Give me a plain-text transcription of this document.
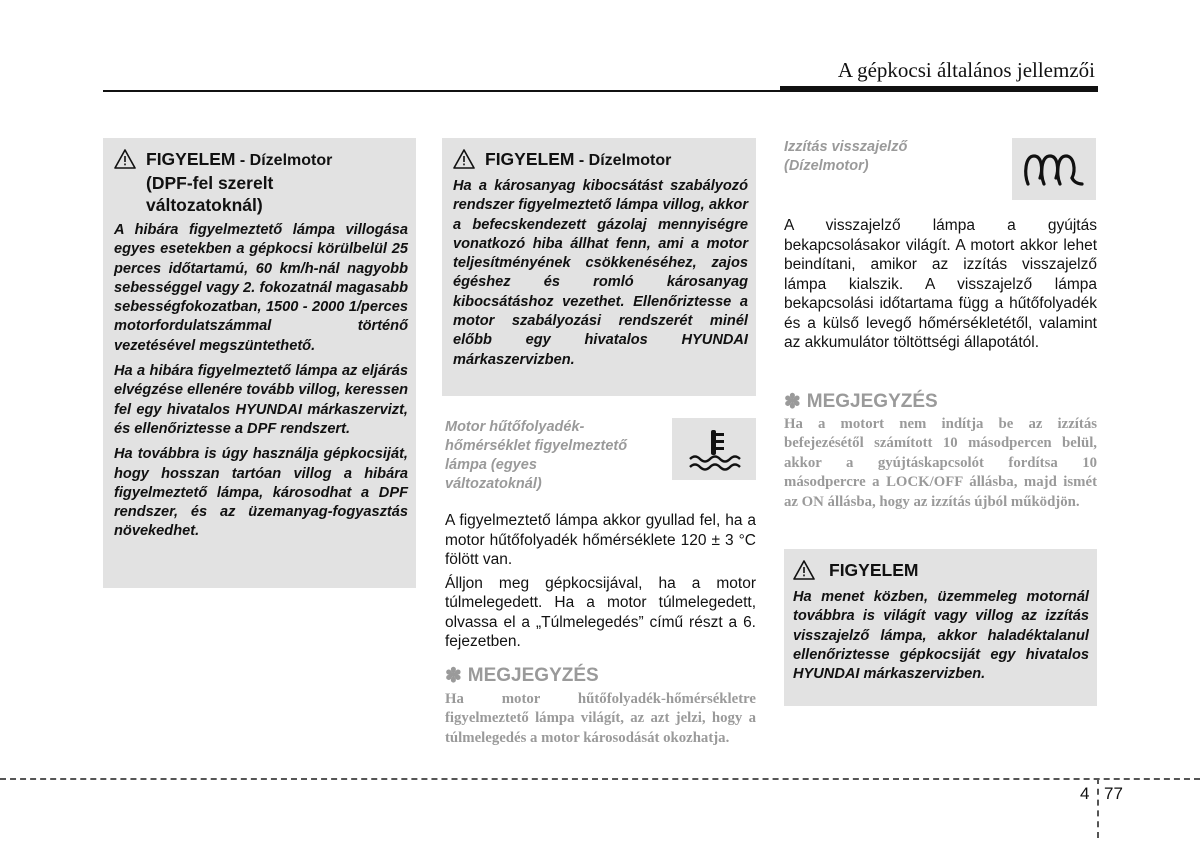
A gépkocsi általános jellemzői
FIGYELEM - Dízelmotor
(DPF-fel szerelt
változatoknál)

A hibára figyelmeztető lámpa villogása egyes esetekben a gépkocsi körülbelül 25 perces időtartamú, 60 km/h-nál nagyobb sebességgel vagy 2. fokozatnál magasabb sebességfokozatban, 1500 - 2000 1/perces motorfordulatszámmal történő vezetésével megszüntethető.

Ha a hibára figyelmeztető lámpa az eljárás elvégzése ellenére tovább villog, keressen fel egy hivatalos HYUNDAI márkaszervizt, és ellenőriztesse a DPF rendszert.

Ha továbbra is úgy használja gépkocsiját, hogy hosszan tartóan villog a hibára figyelmeztető lámpa, károsodhat a DPF rendszer, és az üzemanyag-fogyasztás növekedhet.

FIGYELEM - Dízelmotor

Ha a károsanyag kibocsátást szabályozó rendszer figyelmeztető lámpa villog, akkor a befecskendezett gázolaj mennyiségre vonatkozó hiba állhat fenn, ami a motor teljesítményének csökkenéséhez, zajos égéshez és romló károsanyag kibocsátáshoz vezethet. Ellenőriztesse a motor szabályozási rendszerét minél előbb egy hivatalos HYUNDAI márkaszervizben.

Motor hűtőfolyadék-
hőmérséklet figyelmeztető
lámpa (egyes
változatoknál)

A figyelmeztető lámpa akkor gyullad fel, ha a motor hűtőfolyadék hőmérséklete 120 ± 3 °C fölött van.

Álljon meg gépkocsijával, ha a motor túlmelegedett. Ha a motor túlmelegedett, olvassa el a „Túlmelegedés” című részt a 6. fejezetben.

✽ MEGJEGYZÉS
Ha motor hűtőfolyadék-hőmérsékletre figyelmeztető lámpa világít, az azt jelzi, hogy a túlmelegedés a motor károsodását okozhatja.
Izzítás visszajelző
(Dízelmotor)

A visszajelző lámpa a gyújtás bekapcsolásakor világít. A motort akkor lehet beindítani, amikor az izzítás visszajelző lámpa kialszik. A visszajelző lámpa bekapcsolási időtartama függ a hűtőfolyadék és a külső levegő hőmérsékletétől, valamint az akkumulátor töltöttségi állapotától.

✽ MEGJEGYZÉS
Ha a motort nem indítja be az izzítás befejezésétől számított 10 másodpercen belül, akkor a gyújtáskapcsolót fordítsa 10 másodpercre a LOCK/OFF állásba, majd ismét az ON állásba, hogy az izzítás újból működjön.
FIGYELEM

Ha menet közben, üzemmeleg motornál továbbra is világít vagy villog az izzítás visszajelző lámpa, akkor haladéktalanul ellenőriztesse gépkocsiját egy hivatalos HYUNDAI márkaszervizben.

4 77
